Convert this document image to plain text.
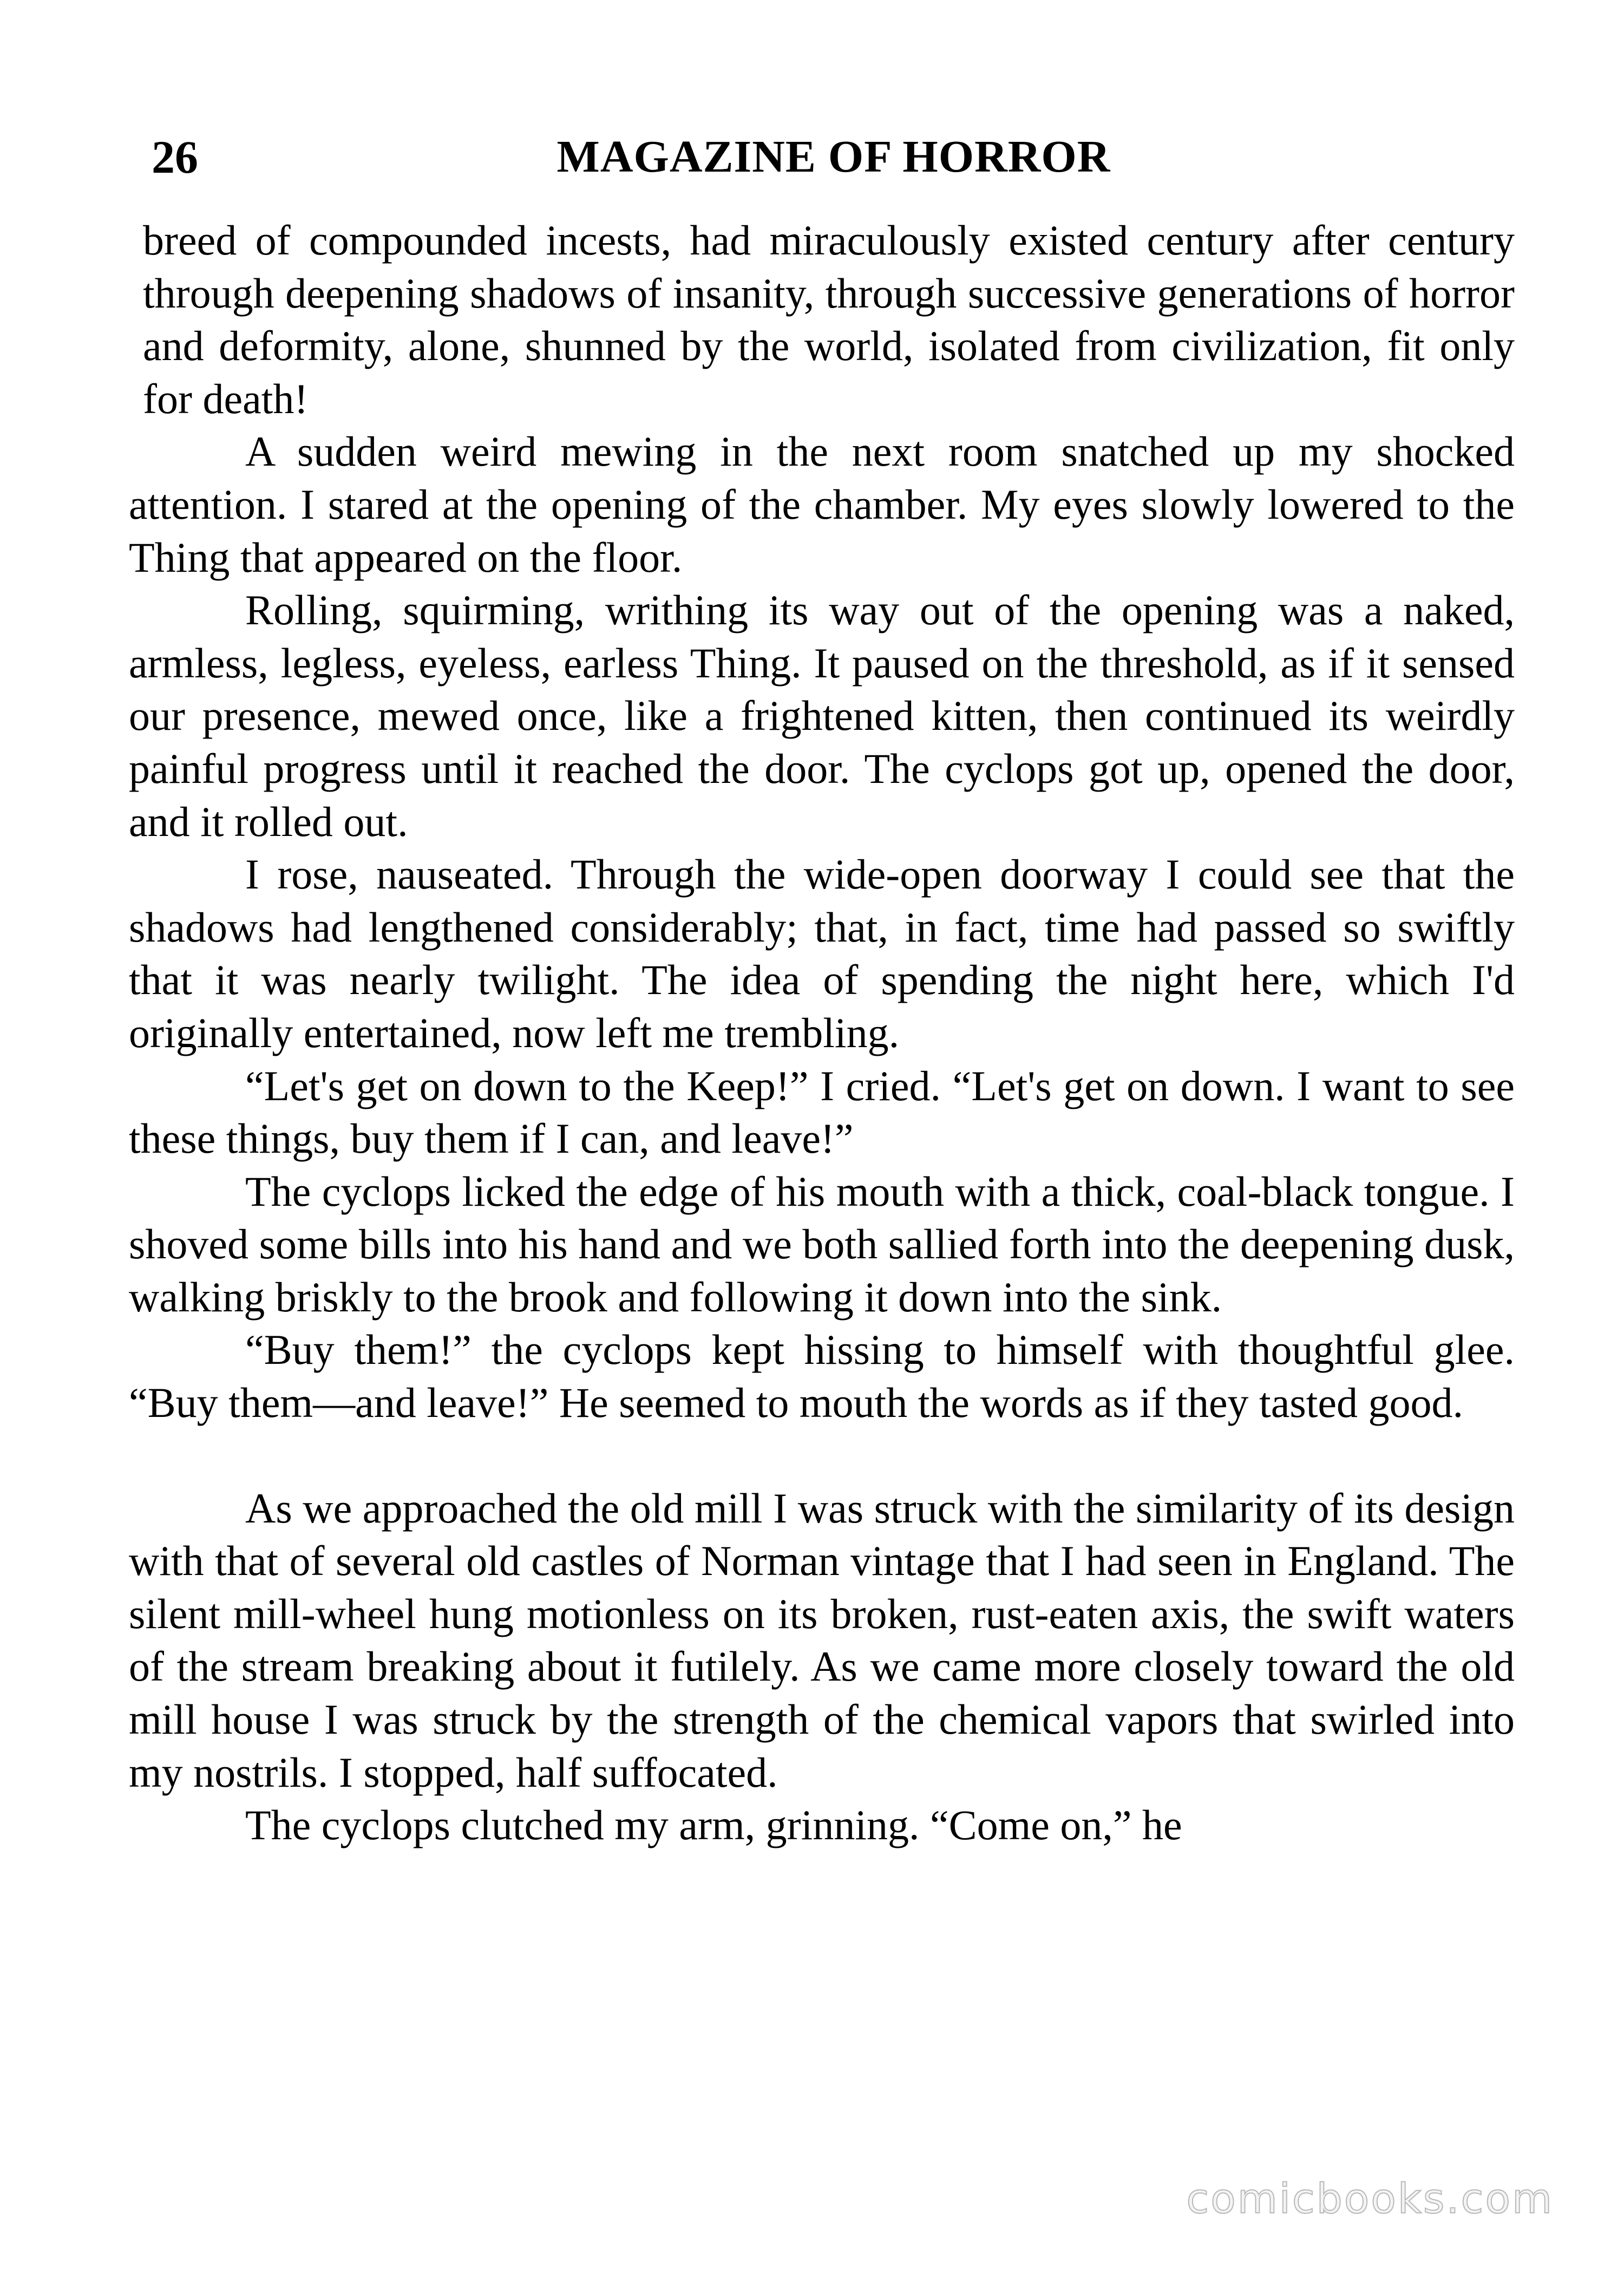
26	MAGAZINE OF HORROR

breed of compounded incests, had miraculously existed century after century through deepening shadows of insanity, through successive generations of horror and deformity, alone, shunned by the world, isolated from civilization, fit only for death!

A sudden weird mewing in the next room snatched up my shocked attention. I stared at the opening of the chamber. My eyes slowly lowered to the Thing that appeared on the floor.

Rolling, squirming, writhing its way out of the opening was a naked, armless, legless, eyeless, earless Thing. It paused on the threshold, as if it sensed our presence, mewed once, like a frightened kitten, then continued its weirdly painful progress until it reached the door. The cyclops got up, opened the door, and it rolled out.

I rose, nauseated. Through the wide-open doorway I could see that the shadows had lengthened considerably; that, in fact, time had passed so swiftly that it was nearly twilight. The idea of spending the night here, which I'd originally entertained, now left me trembling.

“Let's get on down to the Keep!” I cried. “Let's get on down. I want to see these things, buy them if I can, and leave!”

The cyclops licked the edge of his mouth with a thick, coal-black tongue. I shoved some bills into his hand and we both sallied forth into the deepening dusk, walking briskly to the brook and following it down into the sink.

“Buy them!” the cyclops kept hissing to himself with thoughtful glee. “Buy them—and leave!” He seemed to mouth the words as if they tasted good.

As we approached the old mill I was struck with the similarity of its design with that of several old castles of Norman vintage that I had seen in England. The silent mill-wheel hung motionless on its broken, rust-eaten axis, the swift waters of the stream breaking about it futilely. As we came more closely toward the old mill house I was struck by the strength of the chemical vapors that swirled into my nostrils. I stopped, half suffocated.

The cyclops clutched my arm, grinning. “Come on,” he

comicbooks.com
